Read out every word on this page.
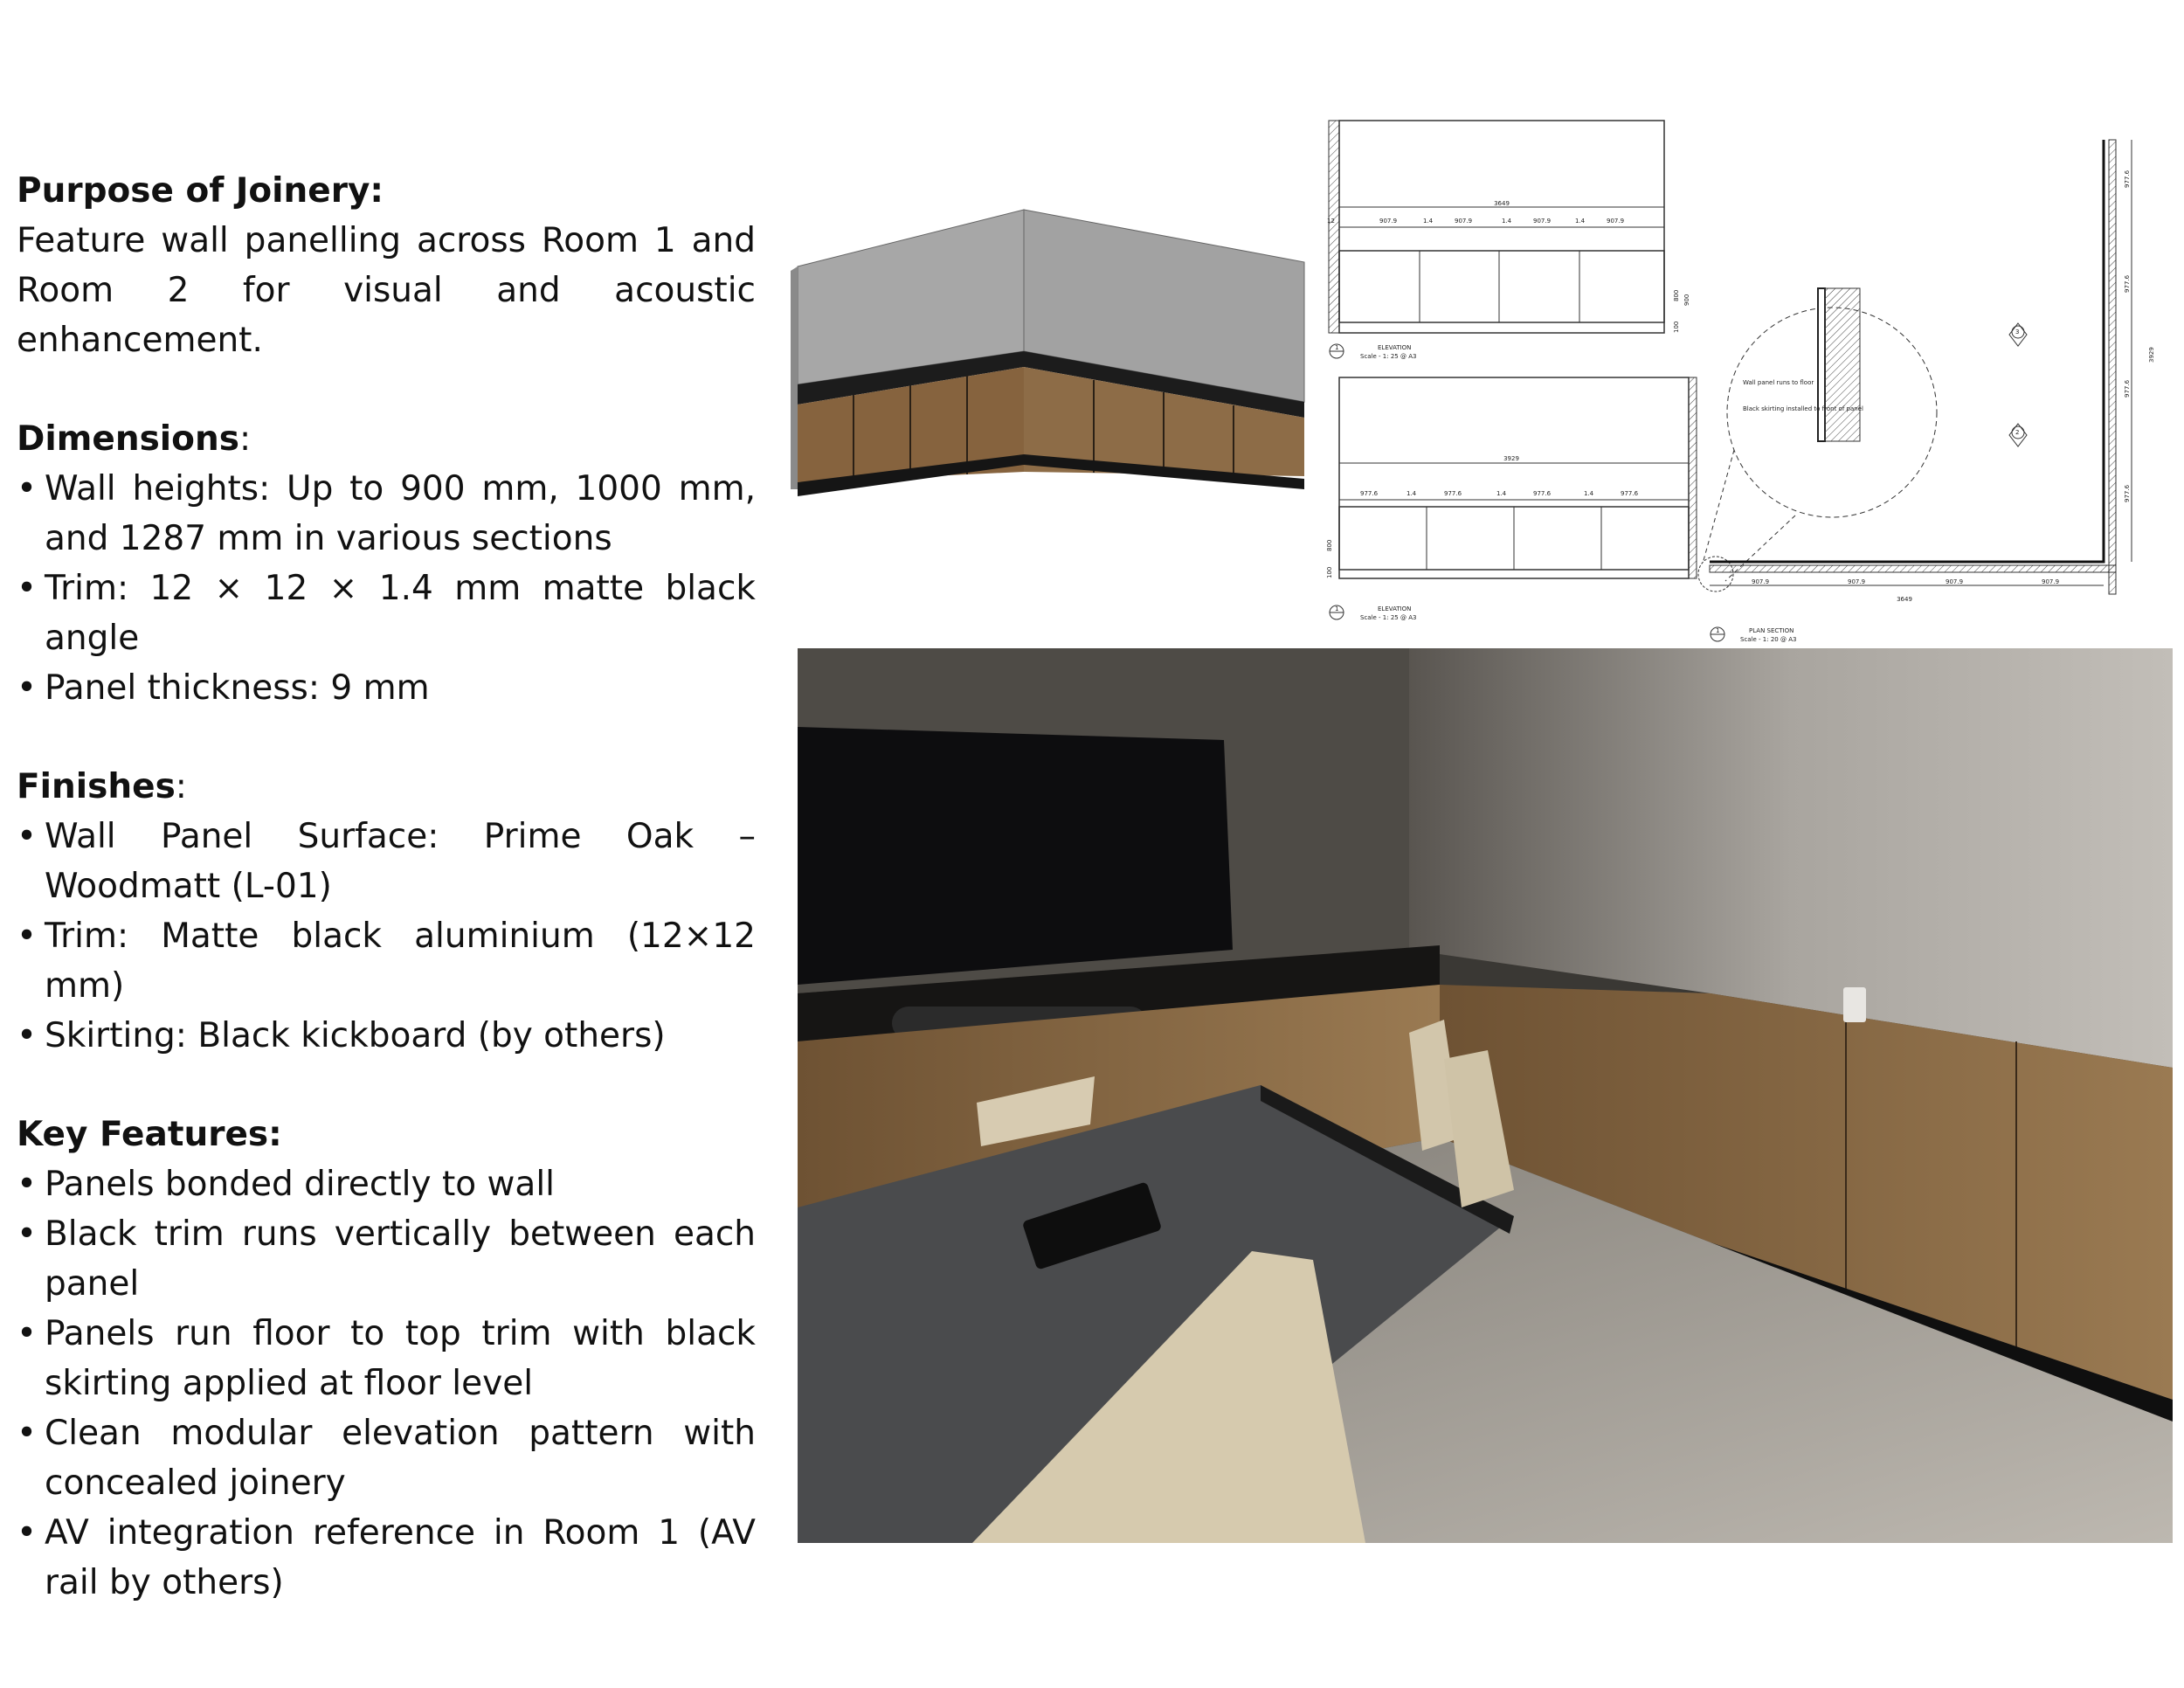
Purpose of Joinery:
Feature wall panelling across Room 1 and Room 2 for visual and acoustic enhancement.
Dimensions:
• Wall heights: Up to 900 mm, 1000 mm, and 1287 mm in various sections
• Trim: 12 × 12 × 1.4 mm matte black angle
• Panel thickness: 9 mm
Finishes:
• Wall Panel Surface: Prime Oak – Woodmatt (L-01)
• Trim: Matte black aluminium (12×12 mm)
• Skirting: Black kickboard (by others)
Key Features:
• Panels bonded directly to wall
• Black trim runs vertically between each panel
• Panels run floor to top trim with black skirting applied at floor level
• Clean modular elevation pattern with concealed joinery
• AV integration reference in Room 1 (AV rail by others)
3649
12	907.9	1.4	907.9	1.4	907.9	1.4	907.9
800 900
100
1	ELEVATION
Scale - 1: 25 @ A3
3929
977.6	1.4	977.6	1.4	977.6	1.4	977.6
800
100
1	ELEVATION
Scale - 1: 25 @ A3
Wall panel runs to floor
Black skirting installed to front of panel
907.9	907.9	907.9	907.9
3649
977.6
977.6
977.6
977.6
3929
3
2
1	PLAN SECTION
Scale - 1: 20 @ A3
